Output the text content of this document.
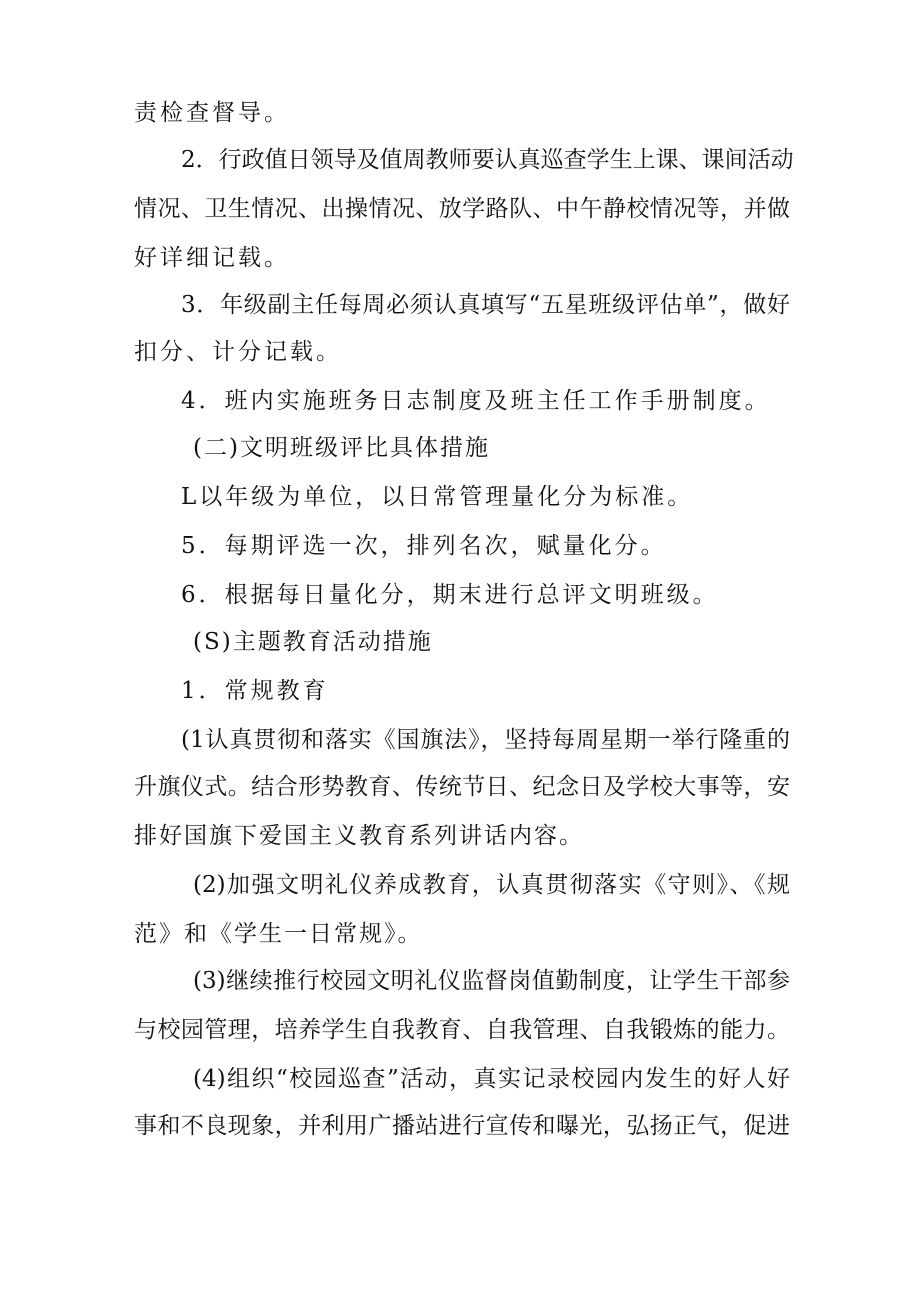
责检查督导。
2．行政值日领导及值周教师要认真巡查学生上课、课间活动
情况、卫生情况、出操情况、放学路队、中午静校情况等，并做
好详细记载。
3．年级副主任每周必须认真填写“五星班级评估单”，做好
扣分、计分记载。
4．班内实施班务日志制度及班主任工作手册制度。
(二)文明班级评比具体措施
L以年级为单位，以日常管理量化分为标准。
5．每期评选一次，排列名次，赋量化分。
6．根据每日量化分，期末进行总评文明班级。
(S)主题教育活动措施
1．常规教育
(1认真贯彻和落实《国旗法》，坚持每周星期一举行隆重的
升旗仪式。结合形势教育、传统节日、纪念日及学校大事等，安
排好国旗下爱国主义教育系列讲话内容。
(2)加强文明礼仪养成教育，认真贯彻落实《守则》、《规
范》和《学生一日常规》。
(3)继续推行校园文明礼仪监督岗值勤制度，让学生干部参
与校园管理，培养学生自我教育、自我管理、自我锻炼的能力。
(4)组织“校园巡查”活动，真实记录校园内发生的好人好
事和不良现象，并利用广播站进行宣传和曝光，弘扬正气，促进
